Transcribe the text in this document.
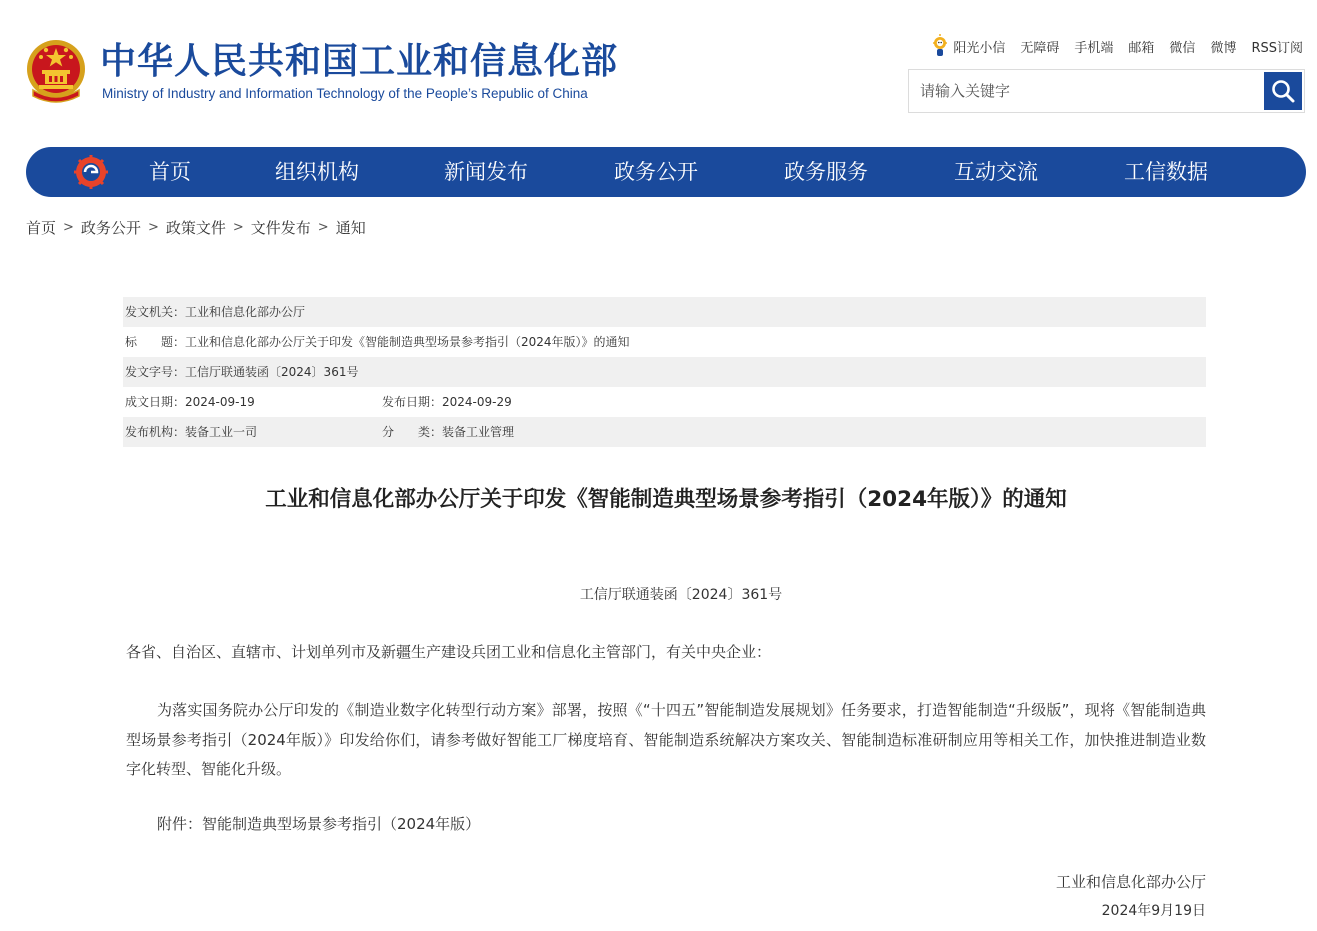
中华人民共和国工业和信息化部
Ministry of Industry and Information Technology of the People’s Republic of China
阳光小信 无障碍 手机端 邮箱 微信 微博 RSS订阅
请输入关键字
首页	组织机构	新闻发布	政务公开	政务服务	互动交流	工信数据
首页 > 政务公开 > 政策文件 > 文件发布 > 通知
发文机关：工业和信息化部办公厅
标　　题：工业和信息化部办公厅关于印发《智能制造典型场景参考指引（2024年版）》的通知
发文字号：工信厅联通装函〔2024〕361号
成文日期：2024-09-19	发布日期：2024-09-29
发布机构：装备工业一司	分　　类：装备工业管理
工业和信息化部办公厅关于印发《智能制造典型场景参考指引（2024年版）》的通知
工信厅联通装函〔2024〕361号
各省、自治区、直辖市、计划单列市及新疆生产建设兵团工业和信息化主管部门，有关中央企业：
为落实国务院办公厅印发的《制造业数字化转型行动方案》部署，按照《“十四五”智能制造发展规划》任务要求，打造智能制造“升级版”，现将《智能制造典型场景参考指引（2024年版）》印发给你们，请参考做好智能工厂梯度培育、智能制造系统解决方案攻关、智能制造标准研制应用等相关工作，加快推进制造业数字化转型、智能化升级。
附件：智能制造典型场景参考指引（2024年版）
工业和信息化部办公厅
2024年9月19日
